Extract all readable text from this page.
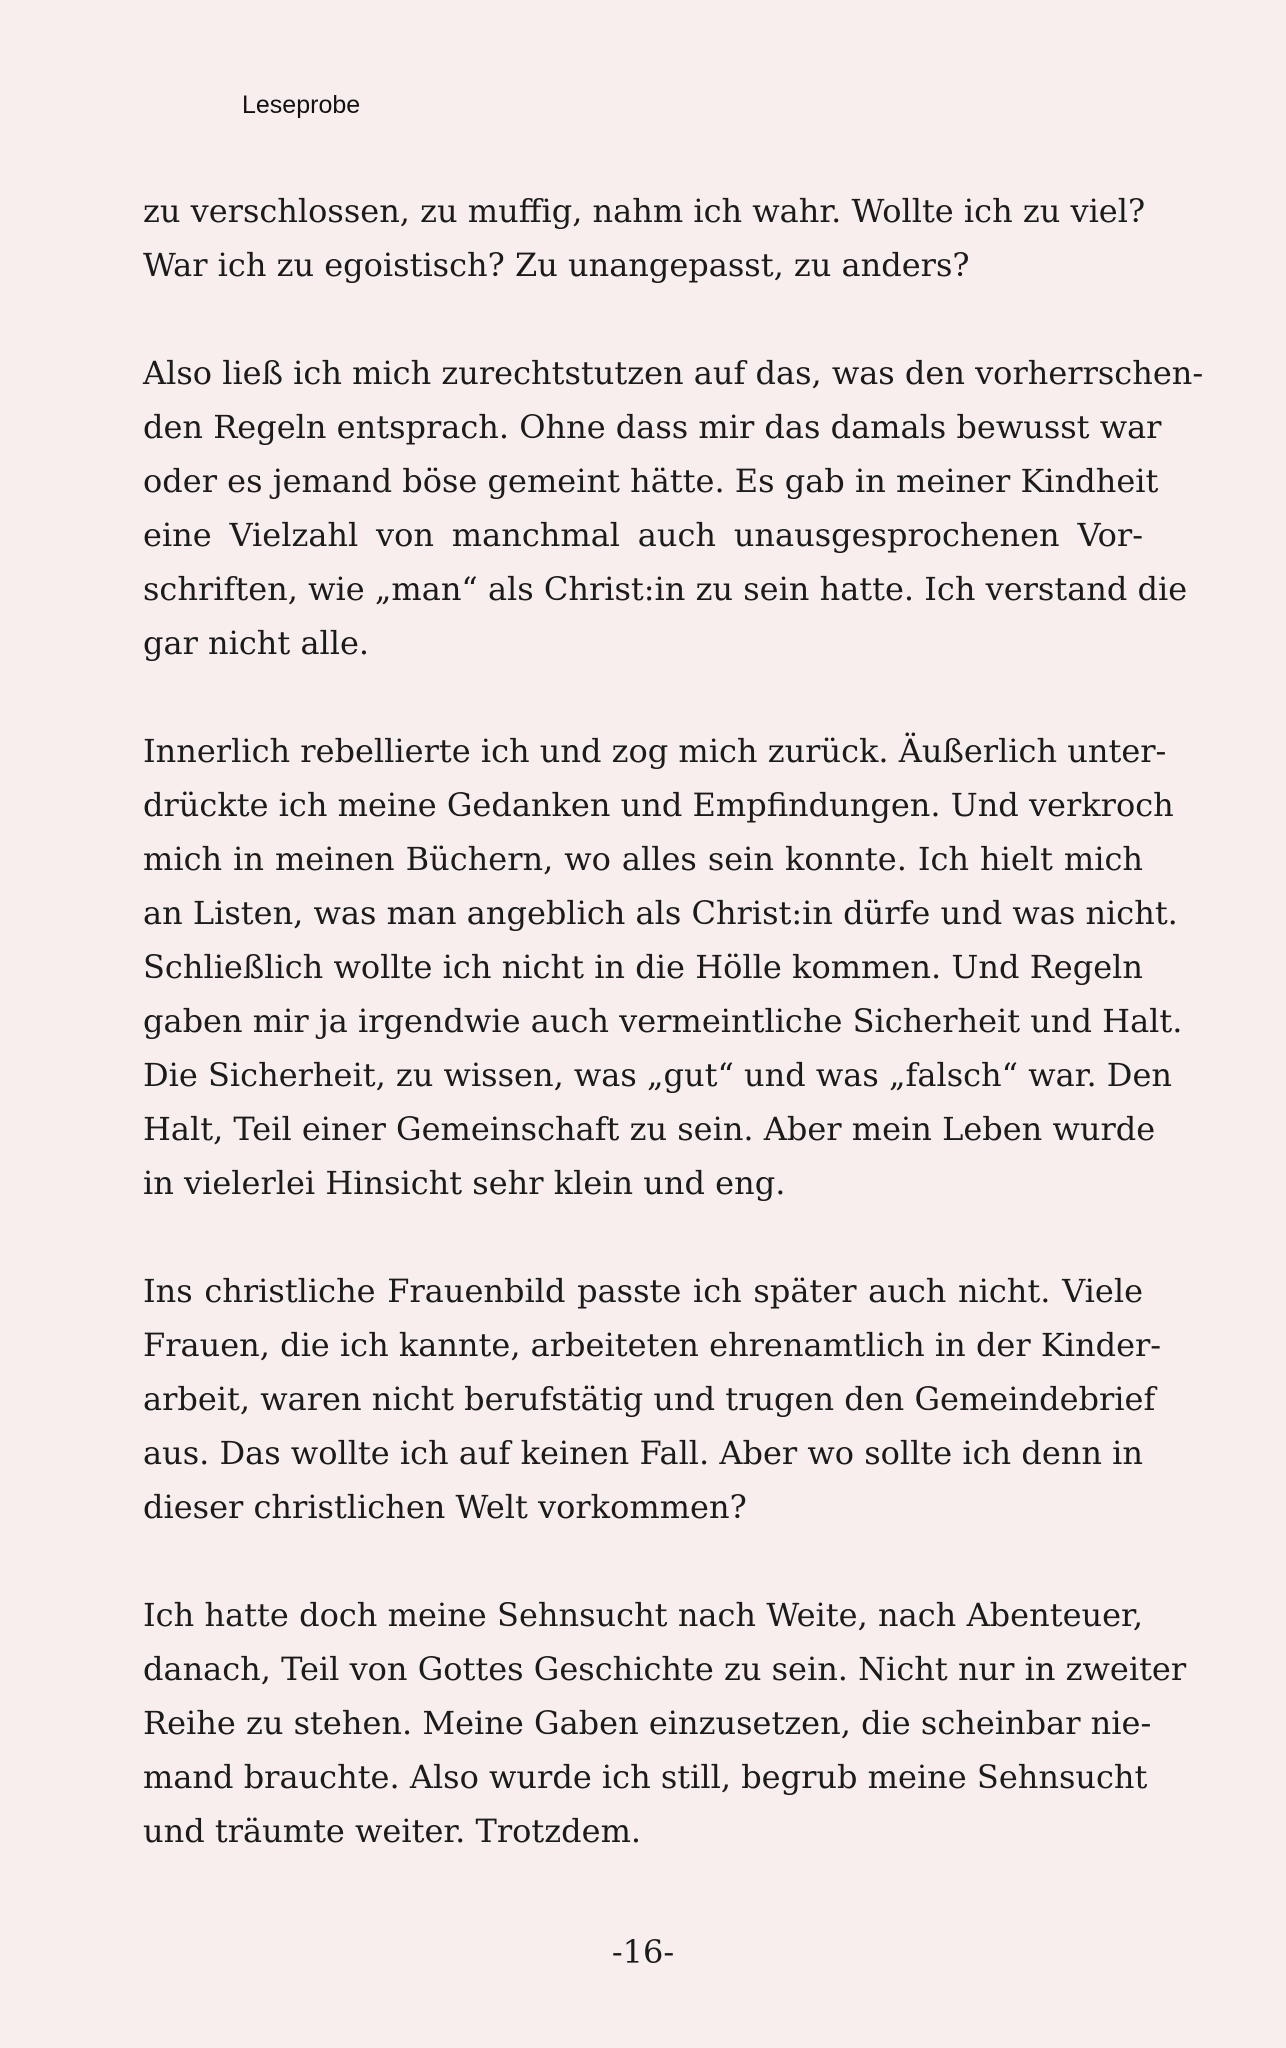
Leseprobe
zu verschlossen, zu muffig, nahm ich wahr. Wollte ich zu viel?
War ich zu egoistisch? Zu unangepasst, zu anders?
Also ließ ich mich zurechtstutzen auf das, was den vorherrschen-
den Regeln entsprach. Ohne dass mir das damals bewusst war
oder es jemand böse gemeint hätte. Es gab in meiner Kindheit
eine Vielzahl von manchmal auch unausgesprochenen Vor-
schriften, wie „man“ als Christ:in zu sein hatte. Ich verstand die
gar nicht alle.
Innerlich rebellierte ich und zog mich zurück. Äußerlich unter-
drückte ich meine Gedanken und Empfindungen. Und verkroch
mich in meinen Büchern, wo alles sein konnte. Ich hielt mich
an Listen, was man angeblich als Christ:in dürfe und was nicht.
Schließlich wollte ich nicht in die Hölle kommen. Und Regeln
gaben mir ja irgendwie auch vermeintliche Sicherheit und Halt.
Die Sicherheit, zu wissen, was „gut“ und was „falsch“ war. Den
Halt, Teil einer Gemeinschaft zu sein. Aber mein Leben wurde
in vielerlei Hinsicht sehr klein und eng.
Ins christliche Frauenbild passte ich später auch nicht. Viele
Frauen, die ich kannte, arbeiteten ehrenamtlich in der Kinder-
arbeit, waren nicht berufstätig und trugen den Gemeindebrief
aus. Das wollte ich auf keinen Fall. Aber wo sollte ich denn in
dieser christlichen Welt vorkommen?
Ich hatte doch meine Sehnsucht nach Weite, nach Abenteuer,
danach, Teil von Gottes Geschichte zu sein. Nicht nur in zweiter
Reihe zu stehen. Meine Gaben einzusetzen, die scheinbar nie-
mand brauchte. Also wurde ich still, begrub meine Sehnsucht
und träumte weiter. Trotzdem.
-16-
